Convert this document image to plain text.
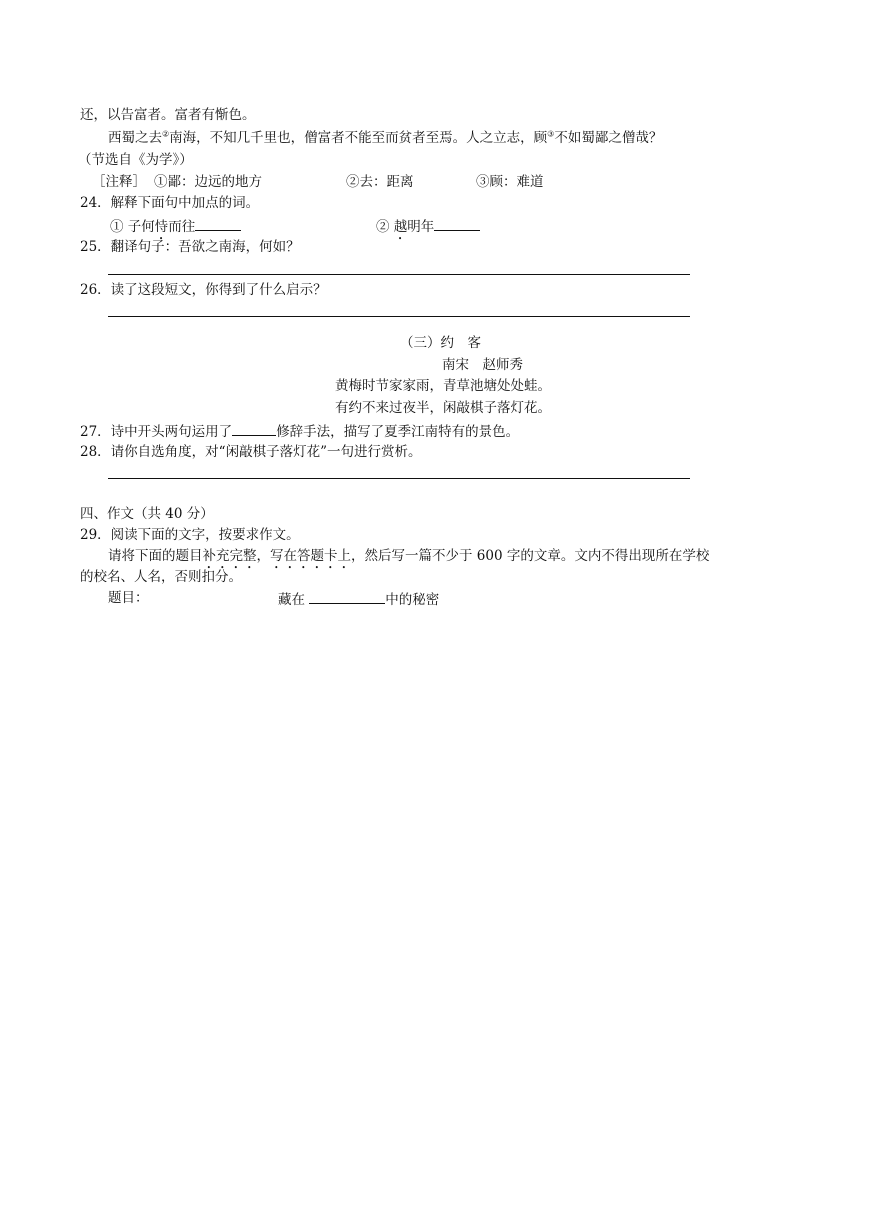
还，以告富者。富者有惭色。
西蜀之去②南海，不知几千里也，僧富者不能至而贫者至焉。人之立志，顾③不如蜀鄙之僧哉？
（节选自《为学》）
［注释］ ①鄙：边远的地方	②去：距离	③顾：难道
24．解释下面句中加点的词。
① 子何恃而往	② 越明年
25．翻译句子：吾欲之南海，何如？
26．读了这段短文，你得到了什么启示？
（三）约　客
南宋　赵师秀
黄梅时节家家雨，青草池塘处处蛙。
有约不来过夜半，闲敲棋子落灯花。
27．诗中开头两句运用了	修辞手法，描写了夏季江南特有的景色。
28．请你自选角度，对“闲敲棋子落灯花”一句进行赏析。
四、作文（共 40 分）
29．阅读下面的文字，按要求作文。
请将下面的题目补充完整，写在答题卡上，然后写一篇不少于 600 字的文章。文内不得出现所在学校
的校名、人名，否则扣分。
题目：	藏在	中的秘密
